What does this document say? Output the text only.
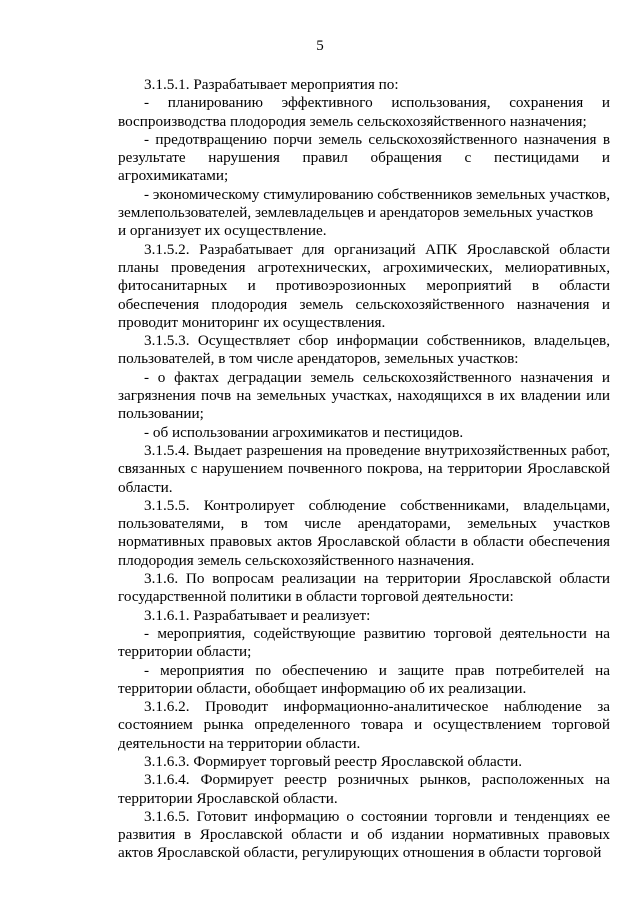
5

3.1.5.1. Разрабатывает мероприятия по:

- планированию эффективного использования, сохранения и воспроизводства плодородия земель сельскохозяйственного назначения;

- предотвращению порчи земель сельскохозяйственного назначения в результате нарушения правил обращения с пестицидами и агрохимикатами;

- экономическому стимулированию собственников земельных участков, землепользователей, землевладельцев и арендаторов земельных участков

и организует их осуществление.

3.1.5.2. Разрабатывает для организаций АПК Ярославской области планы проведения агротехнических, агрохимических, мелиоративных, фитосанитарных и противоэрозионных мероприятий в области обеспечения плодородия земель сельскохозяйственного назначения и проводит мониторинг их осуществления.

3.1.5.3. Осуществляет сбор информации собственников, владельцев, пользователей, в том числе арендаторов, земельных участков:

- о фактах деградации земель сельскохозяйственного назначения и загрязнения почв на земельных участках, находящихся в их владении или пользовании;

- об использовании агрохимикатов и пестицидов.

3.1.5.4. Выдает разрешения на проведение внутрихозяйственных работ, связанных с нарушением почвенного покрова, на территории Ярославской области.

3.1.5.5. Контролирует соблюдение собственниками, владельцами, пользователями, в том числе арендаторами, земельных участков нормативных правовых актов Ярославской области в области обеспечения плодородия земель сельскохозяйственного назначения.

3.1.6. По вопросам реализации на территории Ярославской области государственной политики в области торговой деятельности:

3.1.6.1. Разрабатывает и реализует:

- мероприятия, содействующие развитию торговой деятельности на территории области;

- мероприятия по обеспечению и защите прав потребителей на территории области, обобщает информацию об их реализации.

3.1.6.2. Проводит информационно-аналитическое наблюдение за состоянием рынка определенного товара и осуществлением торговой деятельности на территории области.

3.1.6.3. Формирует торговый реестр Ярославской области.

3.1.6.4. Формирует реестр розничных рынков, расположенных на территории Ярославской области.

3.1.6.5. Готовит информацию о состоянии торговли и тенденциях ее развития в Ярославской области и об издании нормативных правовых актов Ярославской области, регулирующих отношения в области торговой
